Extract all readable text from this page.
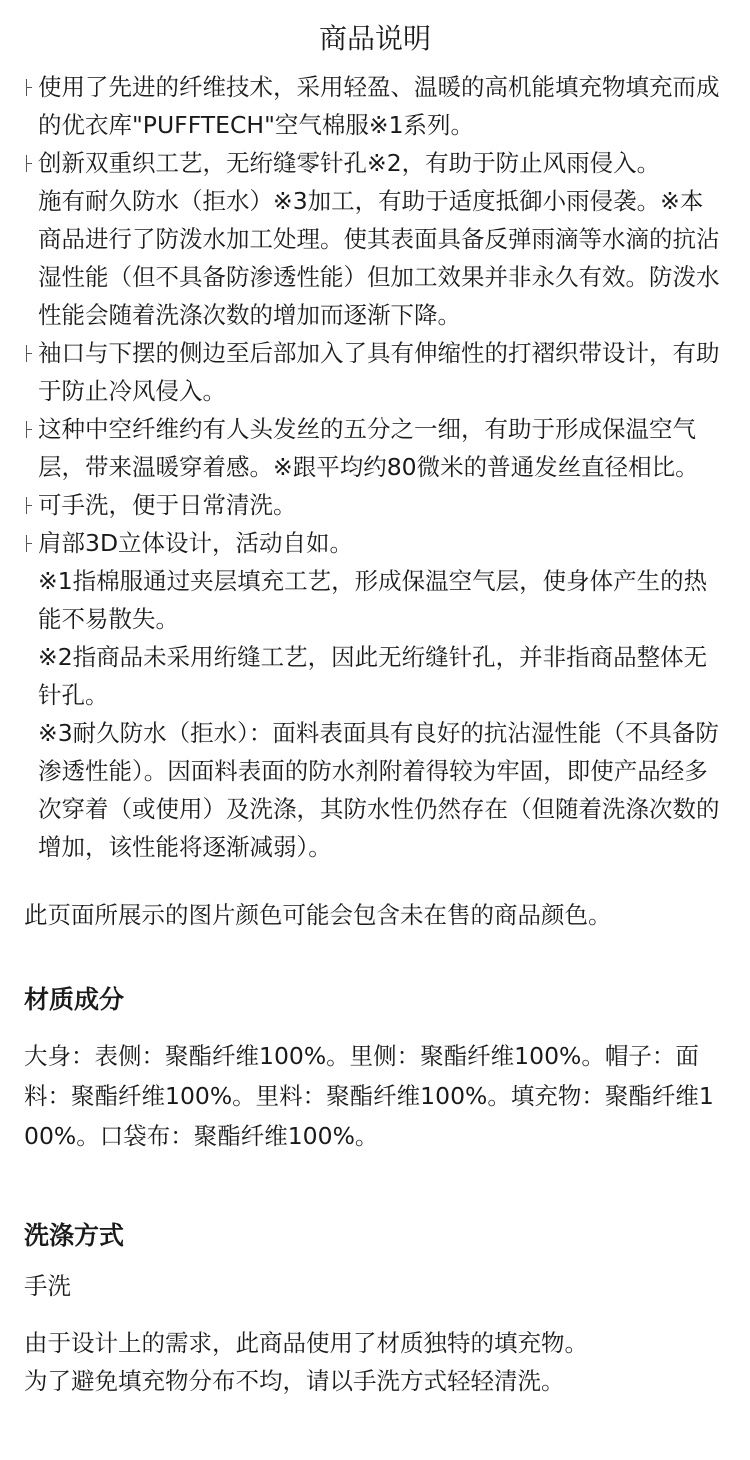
商品说明
使用了先进的纤维技术，采用轻盈、温暖的高机能填充物填充而成的优衣库"PUFFTECH"空气棉服※1系列。
创新双重织工艺，无绗缝零针孔※2，有助于防止风雨侵入。
施有耐久防水（拒水）※3加工，有助于适度抵御小雨侵袭。※本商品进行了防泼水加工处理。使其表面具备反弹雨滴等水滴的抗沾湿性能（但不具备防渗透性能）但加工效果并非永久有效。防泼水性能会随着洗涤次数的增加而逐渐下降。
袖口与下摆的侧边至后部加入了具有伸缩性的打褶织带设计，有助于防止冷风侵入。
这种中空纤维约有人头发丝的五分之一细，有助于形成保温空气层，带来温暖穿着感。※跟平均约80微米的普通发丝直径相比。
可手洗，便于日常清洗。
肩部3D立体设计，活动自如。
※1指棉服通过夹层填充工艺，形成保温空气层，使身体产生的热能不易散失。
※2指商品未采用绗缝工艺，因此无绗缝针孔，并非指商品整体无针孔。
※3耐久防水（拒水）：面料表面具有良好的抗沾湿性能（不具备防渗透性能）。因面料表面的防水剂附着得较为牢固，即使产品经多次穿着（或使用）及洗涤，其防水性仍然存在（但随着洗涤次数的增加，该性能将逐渐减弱）。

此页面所展示的图片颜色可能会包含未在售的商品颜色。

材质成分

大身：表侧：聚酯纤维100%。里侧：聚酯纤维100%。帽子：面料：聚酯纤维100%。里料：聚酯纤维100%。填充物：聚酯纤维100%。口袋布：聚酯纤维100%。

洗涤方式

手洗

由于设计上的需求，此商品使用了材质独特的填充物。
为了避免填充物分布不均，请以手洗方式轻轻清洗。
